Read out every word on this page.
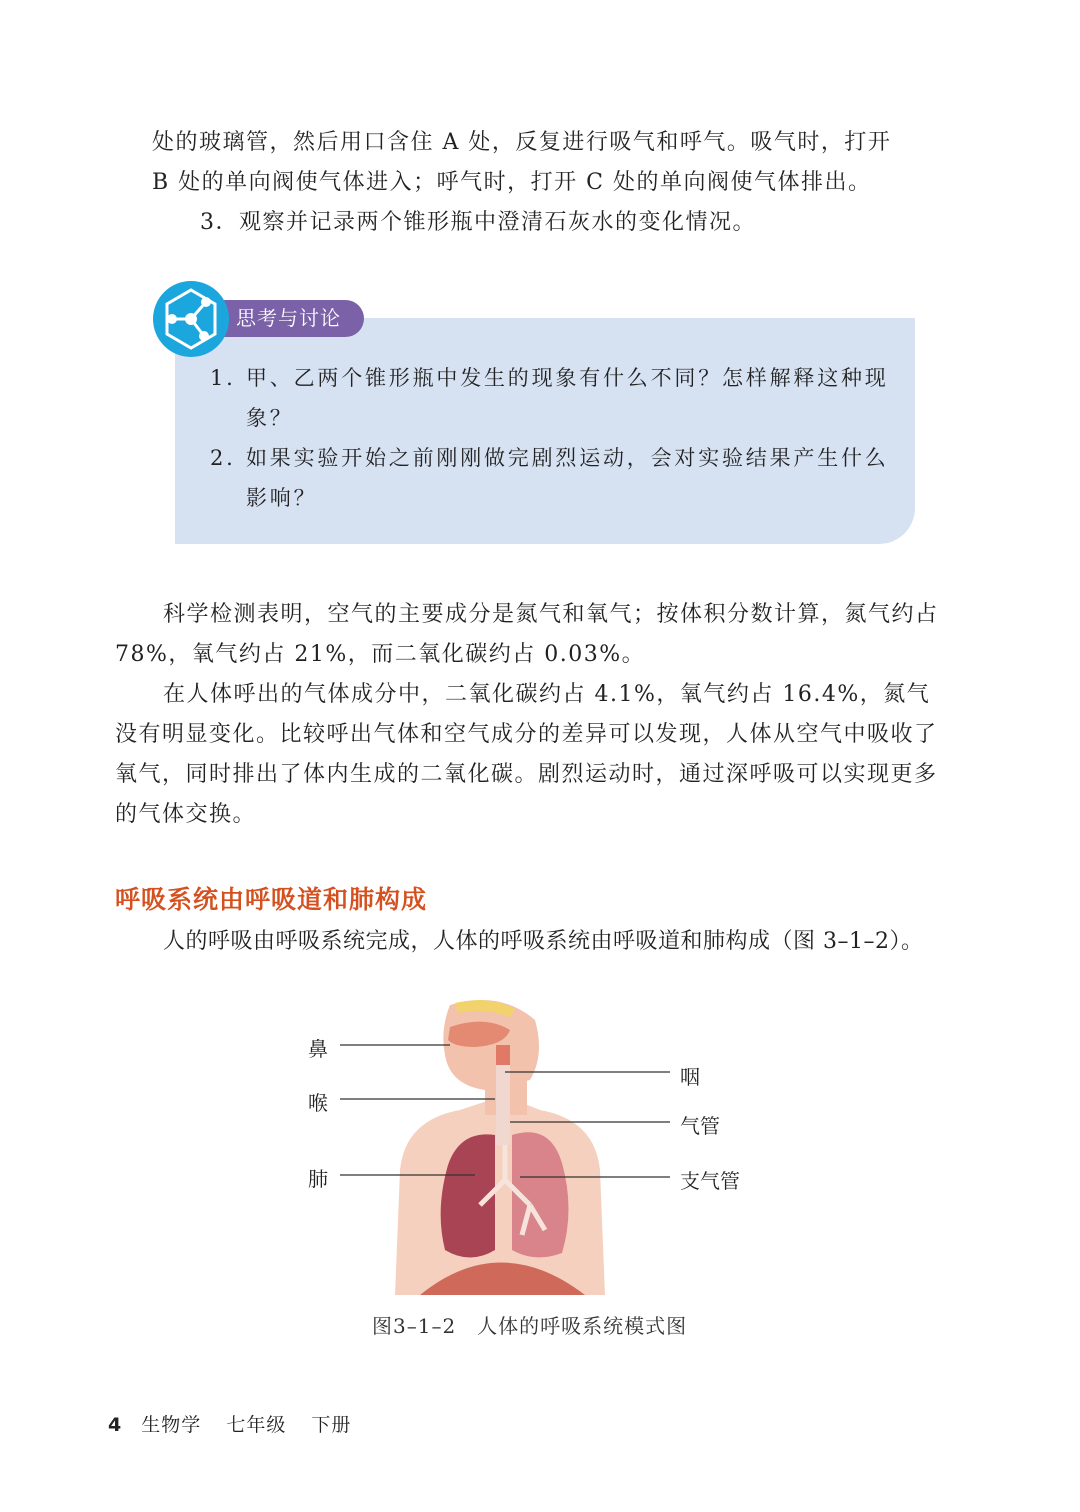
处的玻璃管，然后用口含住 A 处，反复进行吸气和呼气。吸气时，打开
B 处的单向阀使气体进入；呼气时，打开 C 处的单向阀使气体排出。
3．观察并记录两个锥形瓶中澄清石灰水的变化情况。
思考与讨论
1. 甲、乙两个锥形瓶中发生的现象有什么不同？怎样解释这种现象？
2. 如果实验开始之前刚刚做完剧烈运动，会对实验结果产生什么影响？

科学检测表明，空气的主要成分是氮气和氧气；按体积分数计算，氮气约占 78%，氧气约占 21%，而二氧化碳约占 0.03%。

在人体呼出的气体成分中，二氧化碳约占 4.1%，氧气约占 16.4%，氮气没有明显变化。比较呼出气体和空气成分的差异可以发现，人体从空气中吸收了氧气，同时排出了体内生成的二氧化碳。剧烈运动时，通过深呼吸可以实现更多的气体交换。

呼吸系统由呼吸道和肺构成
人的呼吸由呼吸系统完成，人体的呼吸系统由呼吸道和肺构成（图 3–1–2）。
鼻
喉
肺
咽
气管
支气管
图3–1–2　人体的呼吸系统模式图
4 生物学 七年级 下册
